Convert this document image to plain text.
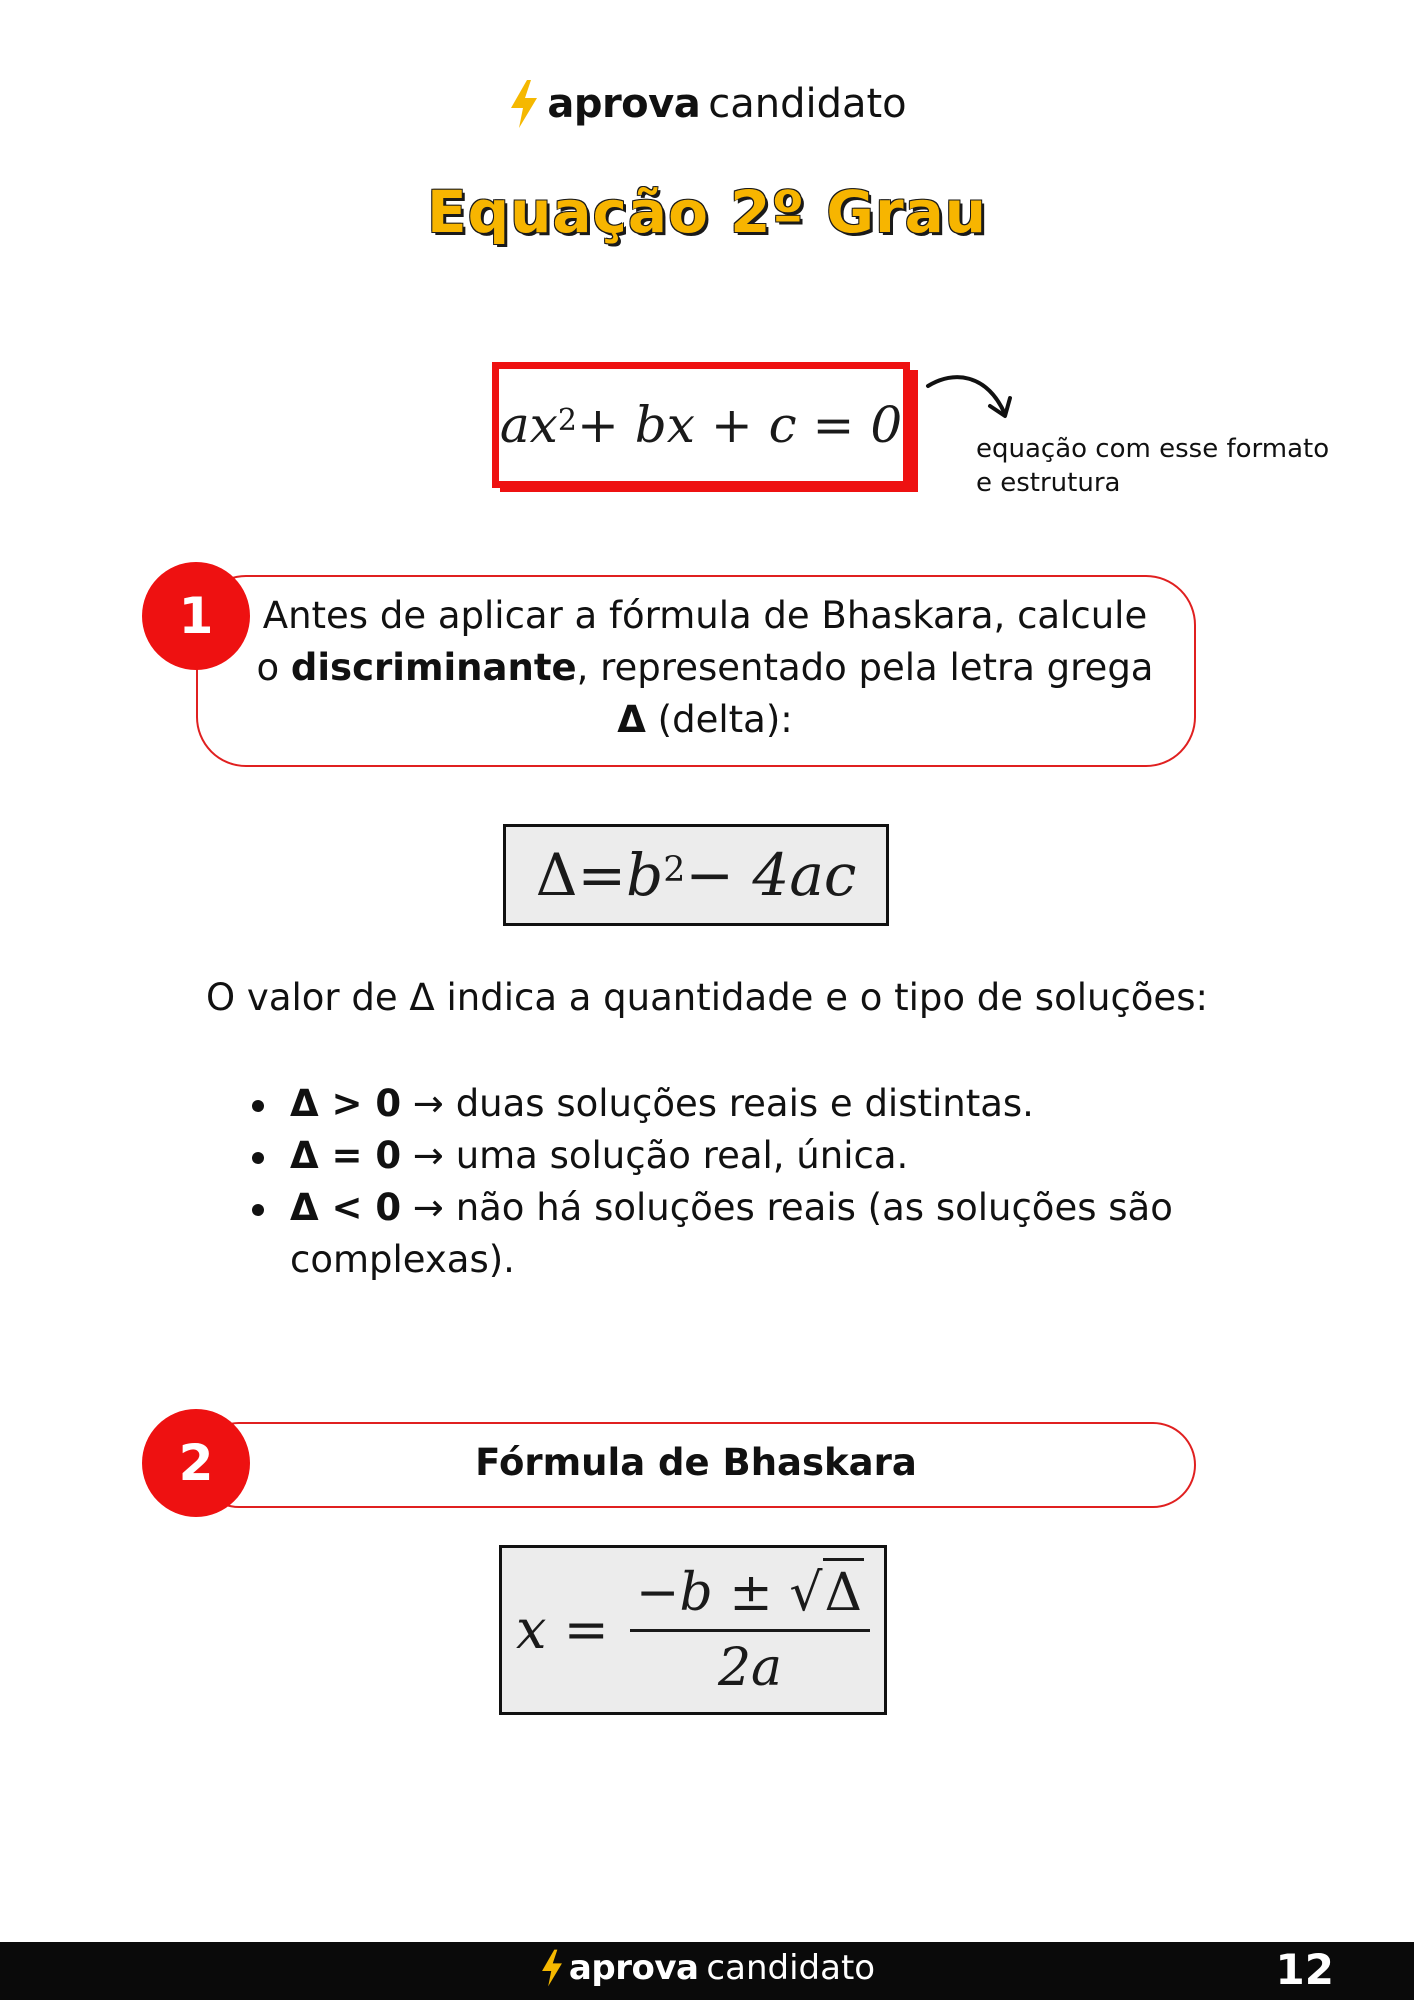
aprova candidato
Equação 2º Grau
$ax^2$ + bx + c = 0	equação com esse formato
e estrutura
Antes de aplicar a fórmula de Bhaskara, calcule o discriminante, representado pela letra grega Δ (delta):
1
$\Delta = b^2 - 4ac$
O valor de Δ indica a quantidade e o tipo de soluções:
Δ > 0 → duas soluções reais e distintas.
Δ = 0 → uma solução real, única.
Δ < 0 → não há soluções reais (as soluções são complexas).
Fórmula de Bhaskara
2
x =
−b ± √Δ
2a
aprova candidato	12
